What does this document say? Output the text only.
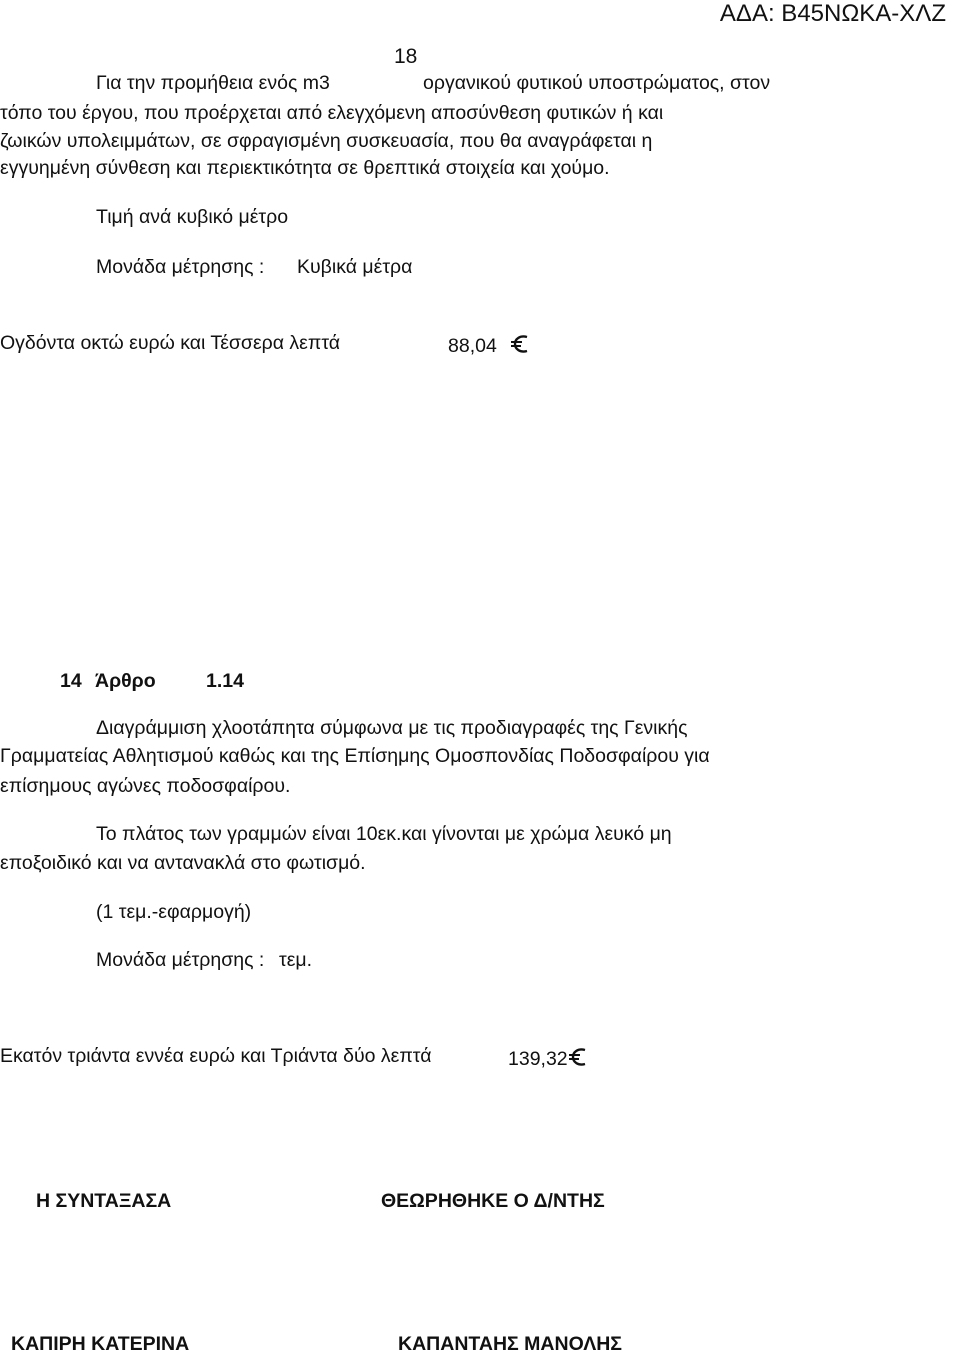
ΑΔΑ: Β45ΝΩΚΑ-ΧΛΖ
18
Για την προμήθεια ενός m3	οργανικού φυτικού υποστρώματος, στον
τόπο του έργου, που προέρχεται από ελεγχόμενη αποσύνθεση φυτικών ή και
ζωικών υπολειμμάτων, σε σφραγισμένη συσκευασία, που θα αναγράφεται η
εγγυημένη σύνθεση και περιεκτικότητα σε θρεπτικά στοιχεία και χούμο.
Τιμή ανά κυβικό μέτρο
Μονάδα μέτρησης : Κυβικά μέτρα
Ογδόντα οκτώ ευρώ και Τέσσερα λεπτά	88,04
14 Άρθρο	1.14
Διαγράμμιση χλοοτάπητα σύμφωνα με τις προδιαγραφές της Γενικής
Γραμματείας Αθλητισμού καθώς και της Επίσημης Ομοσπονδίας Ποδοσφαίρου για
επίσημους αγώνες ποδοσφαίρου.
Το πλάτος των γραμμών είναι 10εκ.και γίνονται με χρώμα λευκό μη
εποξοιδικό και να αντανακλά στο φωτισμό.
(1 τεμ.-εφαρμογή)
Μονάδα μέτρησης : τεμ.
Εκατόν τριάντα εννέα ευρώ και Τριάντα δύο λεπτά	139,32
Η ΣΥΝΤΑΞΑΣΑ	ΘΕΩΡΗΘΗΚΕ Ο Δ/ΝΤΗΣ
ΚΑΠΙΡΗ ΚΑΤΕΡΙΝΑ	ΚΑΠΑΝΤΑΗΣ ΜΑΝΟΛΗΣ
